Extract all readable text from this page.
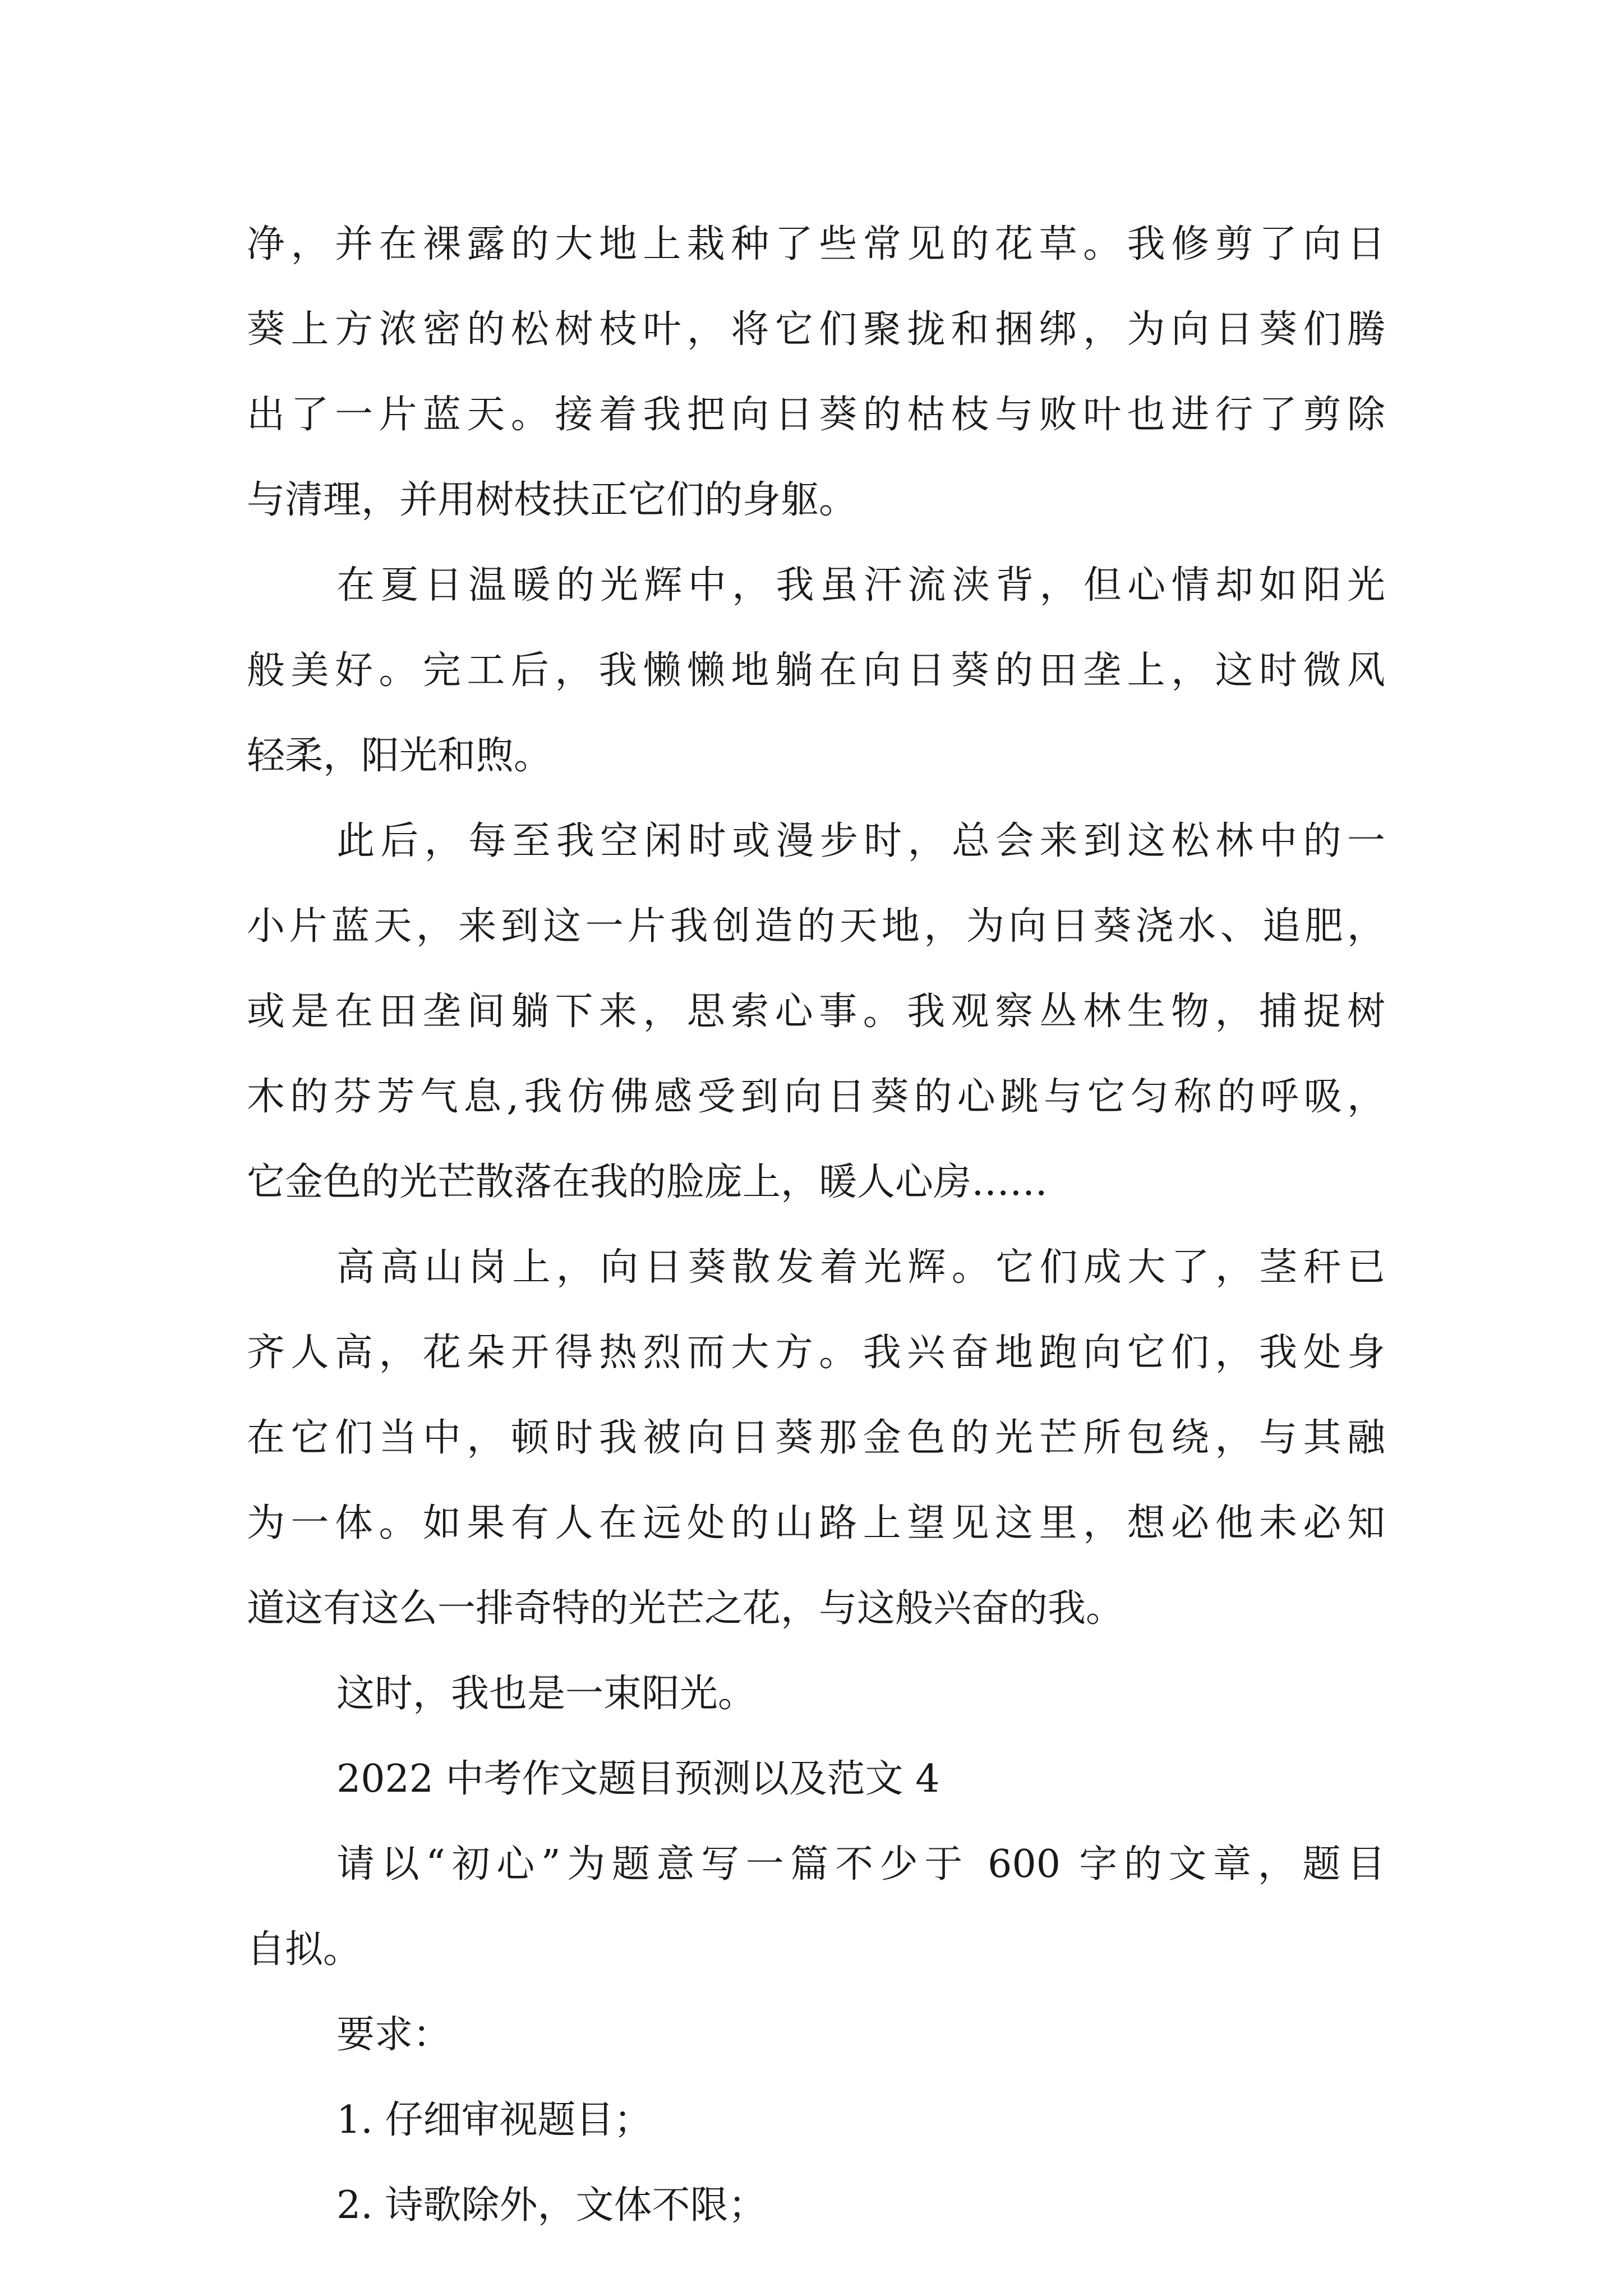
净，并在裸露的大地上栽种了些常见的花草。我修剪了向日
葵上方浓密的松树枝叶，将它们聚拢和捆绑，为向日葵们腾
出了一片蓝天。接着我把向日葵的枯枝与败叶也进行了剪除
与清理，并用树枝扶正它们的身躯。
在夏日温暖的光辉中，我虽汗流浃背，但心情却如阳光
般美好。完工后，我懒懒地躺在向日葵的田垄上，这时微风
轻柔，阳光和煦。
此后，每至我空闲时或漫步时，总会来到这松林中的一
小片蓝天，来到这一片我创造的天地，为向日葵浇水、追肥，
或是在田垄间躺下来，思索心事。我观察丛林生物，捕捉树
木的芬芳气息,我仿佛感受到向日葵的心跳与它匀称的呼吸，
它金色的光芒散落在我的脸庞上，暖人心房……
高高山岗上，向日葵散发着光辉。它们成大了，茎秆已
齐人高，花朵开得热烈而大方。我兴奋地跑向它们，我处身
在它们当中，顿时我被向日葵那金色的光芒所包绕，与其融
为一体。如果有人在远处的山路上望见这里，想必他未必知
道这有这么一排奇特的光芒之花，与这般兴奋的我。
这时，我也是一束阳光。
2022 中考作文题目预测以及范文 4
请以“初心”为题意写一篇不少于 600 字的文章，题目
自拟。
要求：
1. 仔细审视题目；
2. 诗歌除外，文体不限；
